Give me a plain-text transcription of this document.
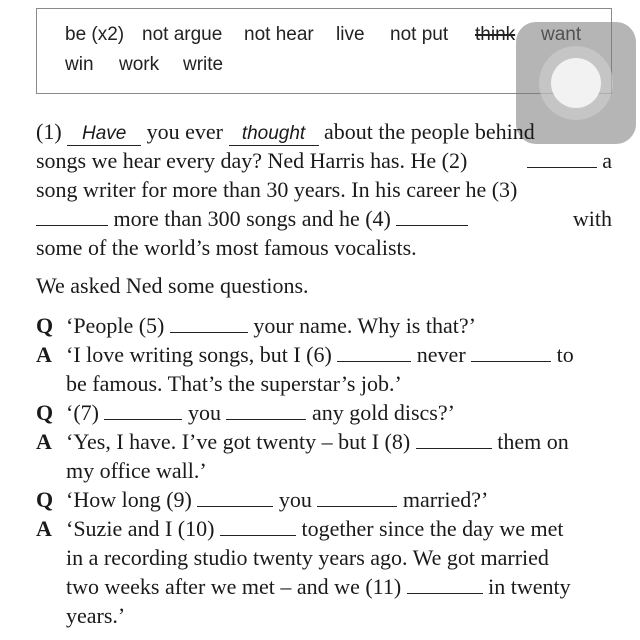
be (x2) not argue not hear live not put think
win work write
(1) Have you ever thought about the people behind
songs we hear every day? Ned Harris has. He (2)	a
song writer for more than 30 years. In his career he (3)
more than 300 songs and he (4)	with
some of the world’s most famous vocalists.
We asked Ned some questions.
Q ‘People (5)	your name. Why is that?’
A ‘I love writing songs, but I (6)	never	to
be famous. That’s the superstar’s job.’
Q ‘(7)	you	any gold discs?’
A ‘Yes, I have. I’ve got twenty – but I (8)	them on
my office wall.’
Q ‘How long (9)	you	married?’
A ‘Suzie and I (10)	together since the day we met
in a recording studio twenty years ago. We got married
two weeks after we met – and we (11)	in twenty
years.’
